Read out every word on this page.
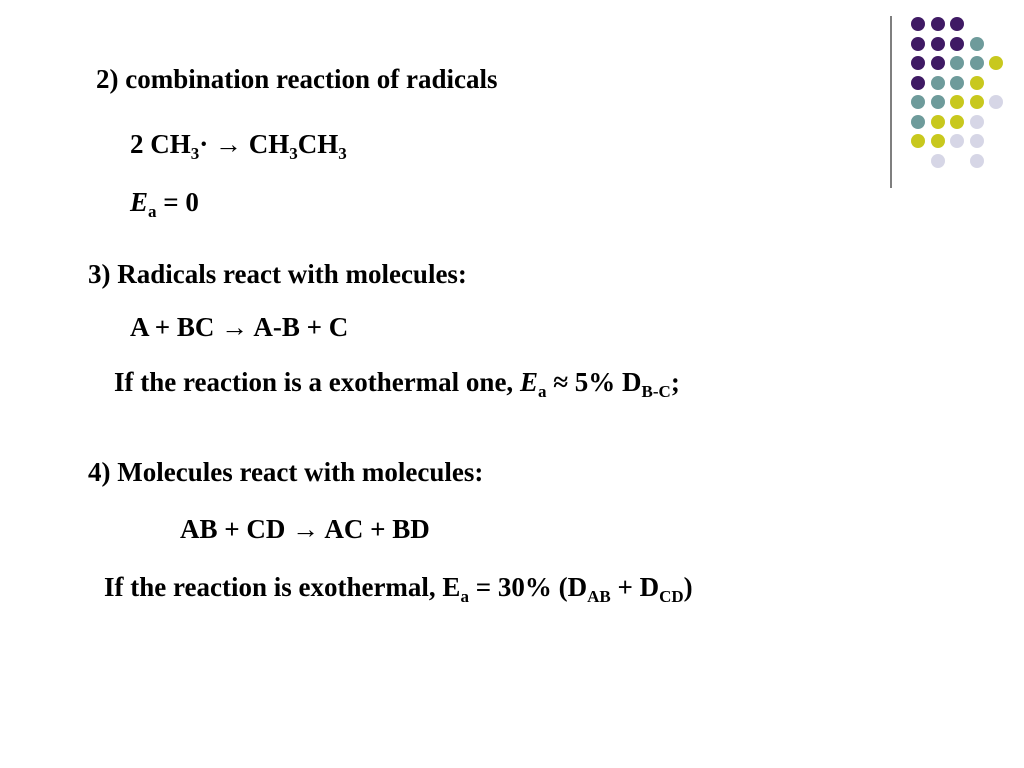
2) combination reaction of radicals
2 $CH_3\cdot \to CH_3CH_3$
$E_a = 0$
3) Radicals react with molecules:
A + BC → A-B + C
If the reaction is a exothermal one, $E_a \approx 5\%$ $D_{B-C}$;
4) Molecules react with molecules:
AB + CD → AC + BD
If the reaction is exothermal, $E_a = 30\%$ $(D_{AB} + D_{CD})$
